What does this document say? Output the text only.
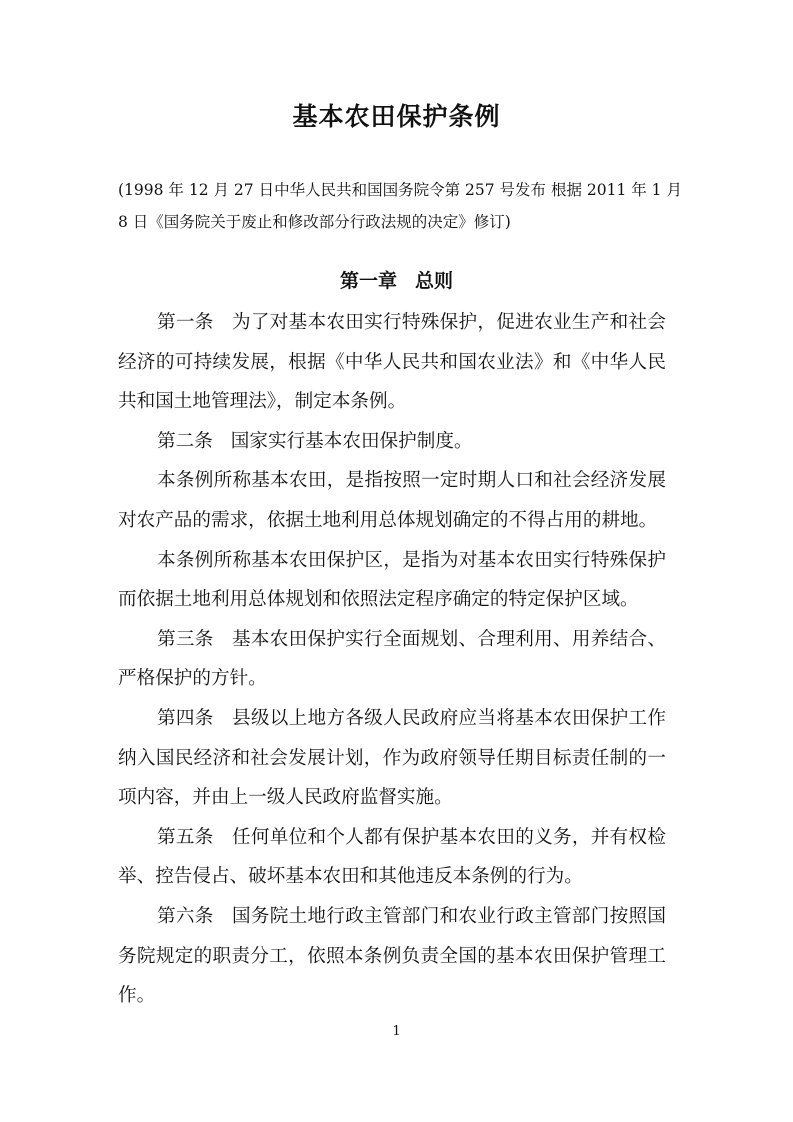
基本农田保护条例
(1998 年 12 月 27 日中华人民共和国国务院令第 257 号发布 根据 2011 年 1 月 8 日《国务院关于废止和修改部分行政法规的决定》修订)
第一章 总则

第一条 为了对基本农田实行特殊保护，促进农业生产和社会经济的可持续发展，根据《中华人民共和国农业法》和《中华人民共和国土地管理法》，制定本条例。

第二条 国家实行基本农田保护制度。

本条例所称基本农田，是指按照一定时期人口和社会经济发展对农产品的需求，依据土地利用总体规划确定的不得占用的耕地。

本条例所称基本农田保护区，是指为对基本农田实行特殊保护而依据土地利用总体规划和依照法定程序确定的特定保护区域。

第三条 基本农田保护实行全面规划、合理利用、用养结合、严格保护的方针。

第四条 县级以上地方各级人民政府应当将基本农田保护工作纳入国民经济和社会发展计划，作为政府领导任期目标责任制的一项内容，并由上一级人民政府监督实施。

第五条 任何单位和个人都有保护基本农田的义务，并有权检举、控告侵占、破坏基本农田和其他违反本条例的行为。

第六条 国务院土地行政主管部门和农业行政主管部门按照国务院规定的职责分工，依照本条例负责全国的基本农田保护管理工作。

1
